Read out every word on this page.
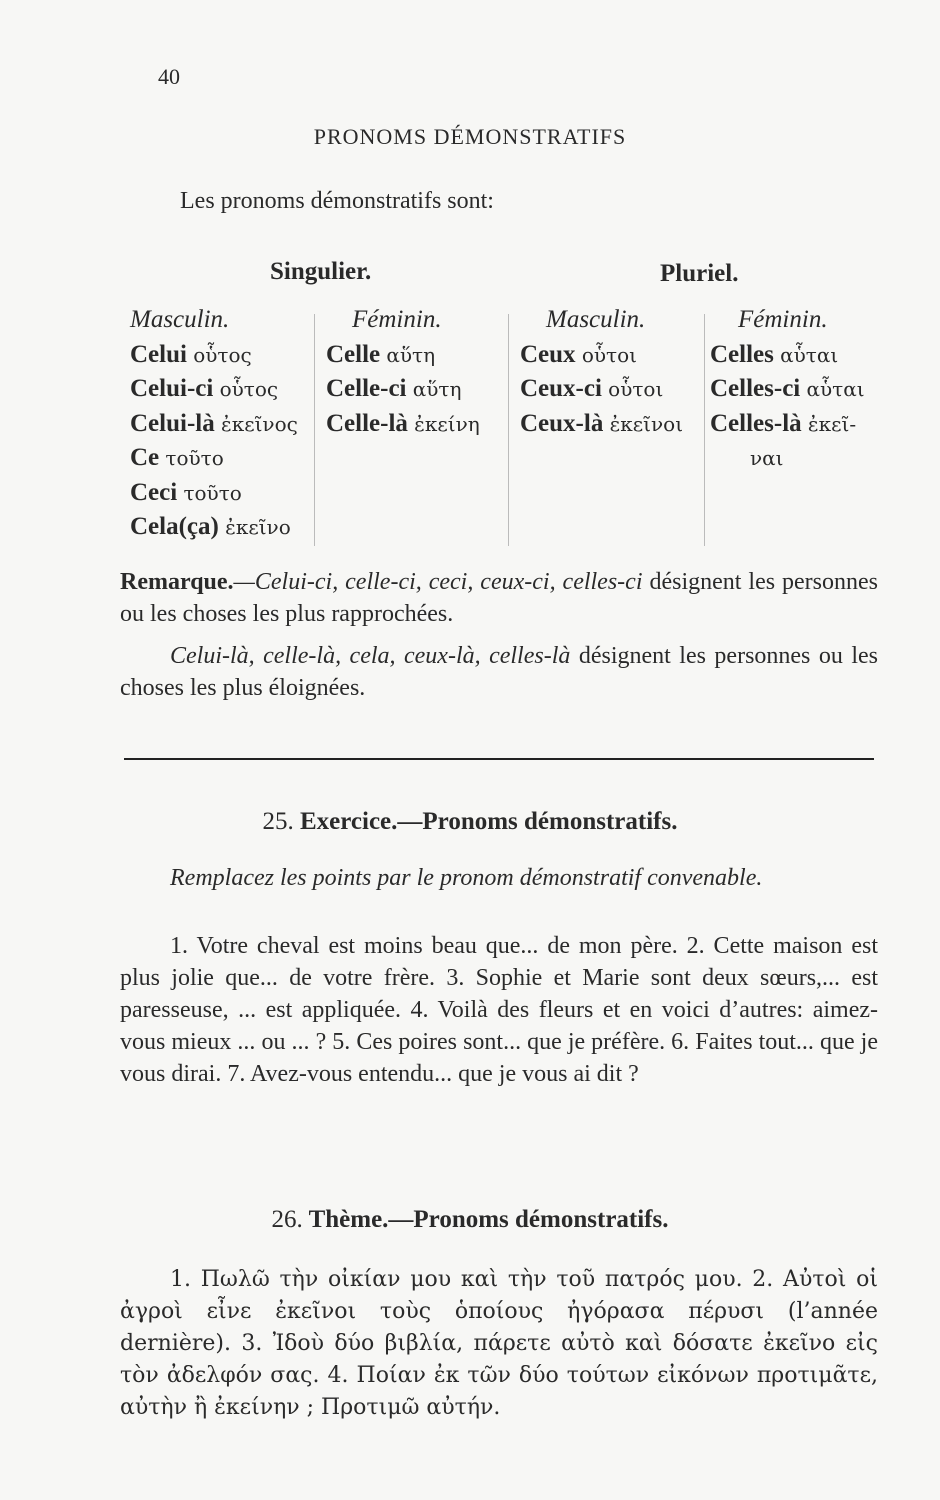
40
PRONOMS DÉMONSTRATIFS
Les pronoms démonstratifs sont:
Singulier.	Pluriel.
Masculin.
Celui οὗτος
Celui-ci οὗτος
Celui-là ἐκεῖνος
Ce τοῦτο
Ceci τοῦτο
Cela(ça) ἐκεῖνο
Féminin.
Celle αὕτη
Celle-ci αὕτη
Celle-là ἐκείνη
Masculin.
Ceux οὗτοι
Ceux-ci οὗτοι
Ceux-là ἐκεῖνοι
Féminin.
Celles αὗται
Celles-ci αὗται
Celles-là ἐκεῖ-
ναι
Remarque.—Celui-ci, celle-ci, ceci, ceux-ci, celles-ci désignent les personnes ou les choses les plus rapprochées.
Celui-là, celle-là, cela, ceux-là, celles-là désignent les personnes ou les choses les plus éloignées.
25. Exercice.—Pronoms démonstratifs.
Remplacez les points par le pronom démonstratif convenable.
1. Votre cheval est moins beau que... de mon père. 2. Cette maison est plus jolie que... de votre frère. 3. Sophie et Marie sont deux sœurs,... est paresseuse, ... est appliquée. 4. Voilà des fleurs et en voici d’autres: aimez-vous mieux ... ou ... ? 5. Ces poires sont... que je préfère. 6. Faites tout... que je vous dirai. 7. Avez-vous entendu... que je vous ai dit ?
26. Thème.—Pronoms démonstratifs.
1. Πωλῶ τὴν οἰκίαν μου καὶ τὴν τοῦ πατρός μου. 2. Αὐτοὶ οἱ ἀγροὶ εἶνε ἐκεῖνοι τοὺς ὁποίους ἠγόρασα πέρυσι (l’année dernière). 3. Ἰδοὺ δύο βιβλία, πάρετε αὐτὸ καὶ δόσατε ἐκεῖνο εἰς τὸν ἀδελφόν σας. 4. Ποίαν ἐκ τῶν δύο τούτων εἰκόνων προτιμᾶτε, αὐτὴν ἢ ἐκείνην ; Προτιμῶ αὐτήν.
